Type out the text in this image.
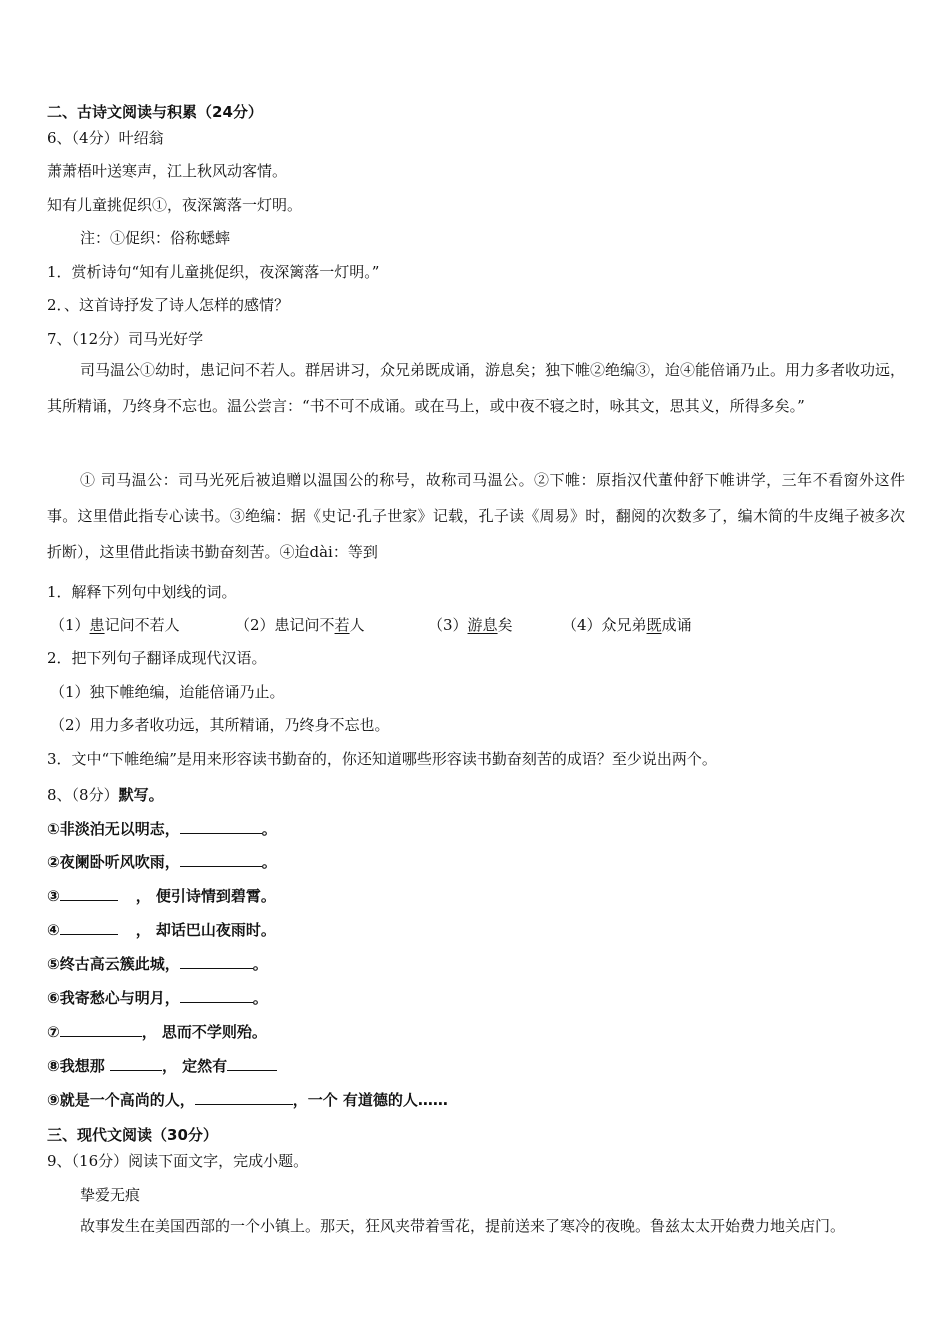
二、古诗文阅读与积累（24分）
6、（4分）叶绍翁
萧萧梧叶送寒声，江上秋风动客情。
知有儿童挑促织①，夜深篱落一灯明。
注：①促织：俗称蟋蟀
1．赏析诗句“知有儿童挑促织，夜深篱落一灯明。”
2．、这首诗抒发了诗人怎样的感情？
7、（12分）司马光好学
司马温公①幼时，患记问不若人。群居讲习，众兄弟既成诵，游息矣；独下帷②绝编③，迨④能倍诵乃止。用力多者收功远，其所精诵，乃终身不忘也。温公尝言：“书不可不成诵。或在马上，或中夜不寝之时，咏其文，思其义，所得多矣。”
① 司马温公：司马光死后被追赠以温国公的称号，故称司马温公。②下帷：原指汉代董仲舒下帷讲学，三年不看窗外这件事。这里借此指专心读书。③绝编：据《史记·孔子世家》记载，孔子读《周易》时，翻阅的次数多了，编木简的牛皮绳子被多次折断），这里借此指读书勤奋刻苦。④迨dài：等到
1．解释下列句中划线的词。
（1）患记问不若人	（2）患记问不若人	（3）游息矣	（4）众兄弟既成诵
2．把下列句子翻译成现代汉语。
（1）独下帷绝编，迨能倍诵乃止。
（2）用力多者收功远，其所精诵，乃终身不忘也。
3．文中“下帷绝编”是用来形容读书勤奋的，你还知道哪些形容读书勤奋刻苦的成语？至少说出两个。
8、（8分）默写。
①非淡泊无以明志，	。
②夜阑卧听风吹雨，	。
③	， 便引诗情到碧霄。
④	， 却话巴山夜雨时。
⑤终古高云簇此城，	。
⑥我寄愁心与明月，	。
⑦	， 思而不学则殆。
⑧我想那	， 定然有
⑨就是一个高尚的人，	，一个 有道德的人……
三、现代文阅读（30分）
9、（16分）阅读下面文字，完成小题。
挚爱无痕
故事发生在美国西部的一个小镇上。那天，狂风夹带着雪花，提前送来了寒冷的夜晚。鲁兹太太开始费力地关店门。
